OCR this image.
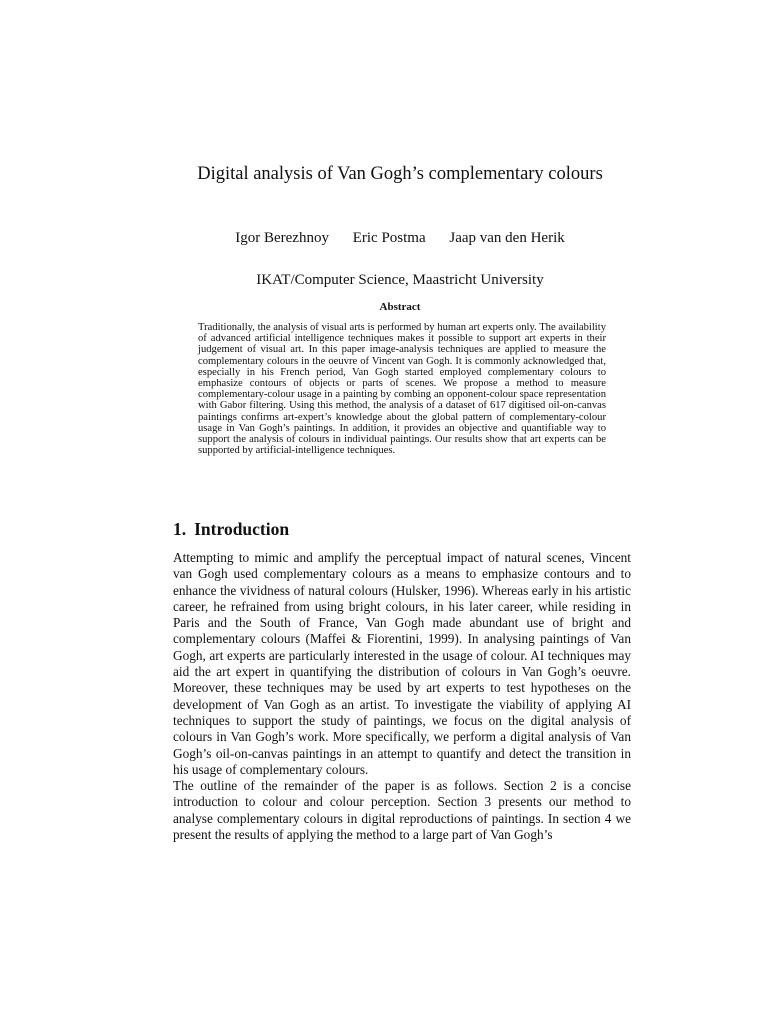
Digital analysis of Van Gogh’s complementary colours
Igor Berezhnoy Eric Postma Jaap van den Herik
IKAT/Computer Science, Maastricht University
Abstract

Traditionally, the analysis of visual arts is performed by human art experts only. The availability of advanced artificial intelligence techniques makes it possible to support art experts in their judgement of visual art. In this paper image-analysis techniques are applied to measure the complementary colours in the oeuvre of Vincent van Gogh. It is commonly acknowledged that, especially in his French period, Van Gogh started employed complementary colours to emphasize contours of objects or parts of scenes. We propose a method to measure complementary-colour usage in a painting by combing an opponent-colour space representation with Gabor filtering. Using this method, the analysis of a dataset of 617 digitised oil-on-canvas paintings confirms art-expert’s knowledge about the global pattern of complementary-colour usage in Van Gogh’s paintings. In addition, it provides an objective and quantifiable way to support the analysis of colours in individual paintings. Our results show that art experts can be supported by artificial-intelligence techniques.

1. Introduction

Attempting to mimic and amplify the perceptual impact of natural scenes, Vincent van Gogh used complementary colours as a means to emphasize contours and to enhance the vividness of natural colours (Hulsker, 1996). Whereas early in his artistic career, he refrained from using bright colours, in his later career, while residing in Paris and the South of France, Van Gogh made abundant use of bright and complementary colours (Maffei & Fiorentini, 1999). In analysing paintings of Van Gogh, art experts are particularly interested in the usage of colour. AI techniques may aid the art expert in quantifying the distribution of colours in Van Gogh’s oeuvre. Moreover, these techniques may be used by art experts to test hypotheses on the development of Van Gogh as an artist. To investigate the viability of applying AI techniques to support the study of paintings, we focus on the digital analysis of colours in Van Gogh’s work. More specifically, we perform a digital analysis of Van Gogh’s oil-on-canvas paintings in an attempt to quantify and detect the transition in his usage of complementary colours.

The outline of the remainder of the paper is as follows. Section 2 is a concise introduction to colour and colour perception. Section 3 presents our method to analyse complementary colours in digital reproductions of paintings. In section 4 we present the results of applying the method to a large part of Van Gogh’s
